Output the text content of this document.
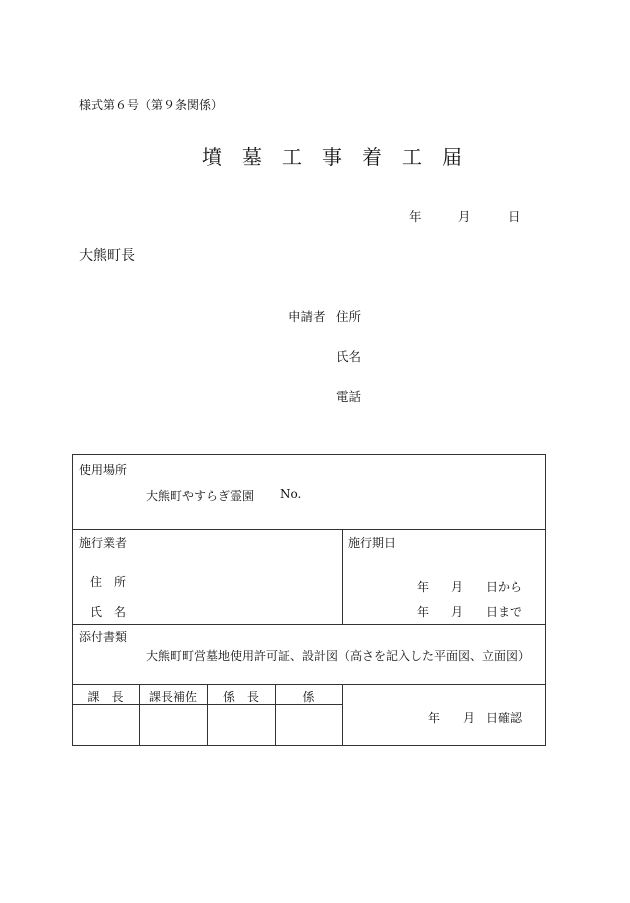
様式第６号（第９条関係）
墳墓工事着工届
年	月	日
大熊町長
申請者 住所
氏名
電話
使用場所
大熊町やすらぎ霊園 No.
施行業者
住　所
氏　名
施行期日
年 月 日から
年 月 日まで
添付書類
大熊町町営墓地使用許可証、設計図（高さを記入した平面図、立面図）
課　長	課長補佐	係　長	係
年 月 日確認
